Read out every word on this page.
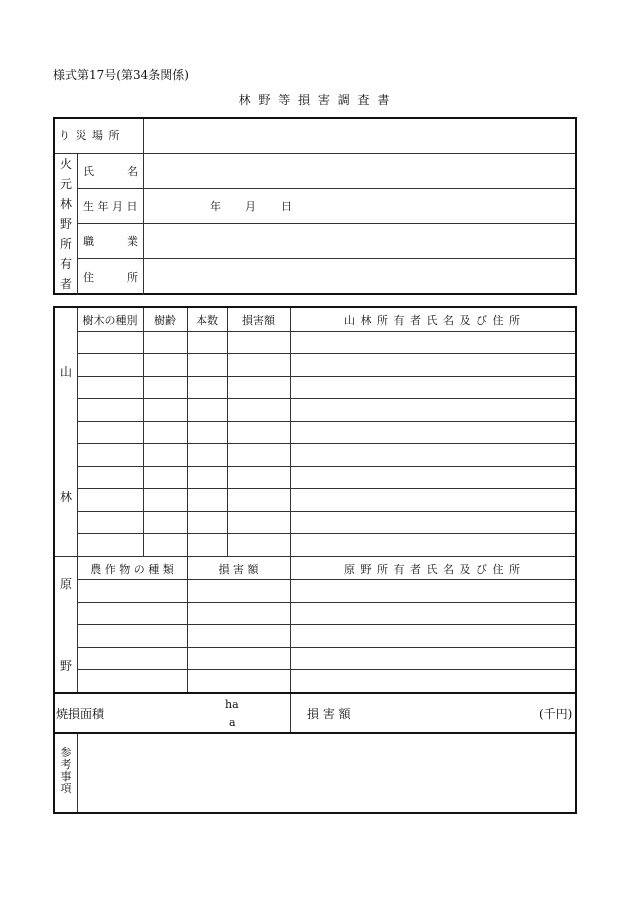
様式第17号(第34条関係)
林 野 等 損 害 調 査 書
り 災 場 所
火
元
林
野
所
有
者
氏　　　名
生 年 月 日	年 月 日
職　　　業
住　　　所
山
林
樹木の種別	樹齢	本数	損害額	山 林 所 有 者 氏 名 及 び 住 所
原
野
農 作 物 の 種 類	損 害 額	原 野 所 有 者 氏 名 及 び 住 所
焼損面積
ha
a
損 害 額	(千円)
参
考
事
項
